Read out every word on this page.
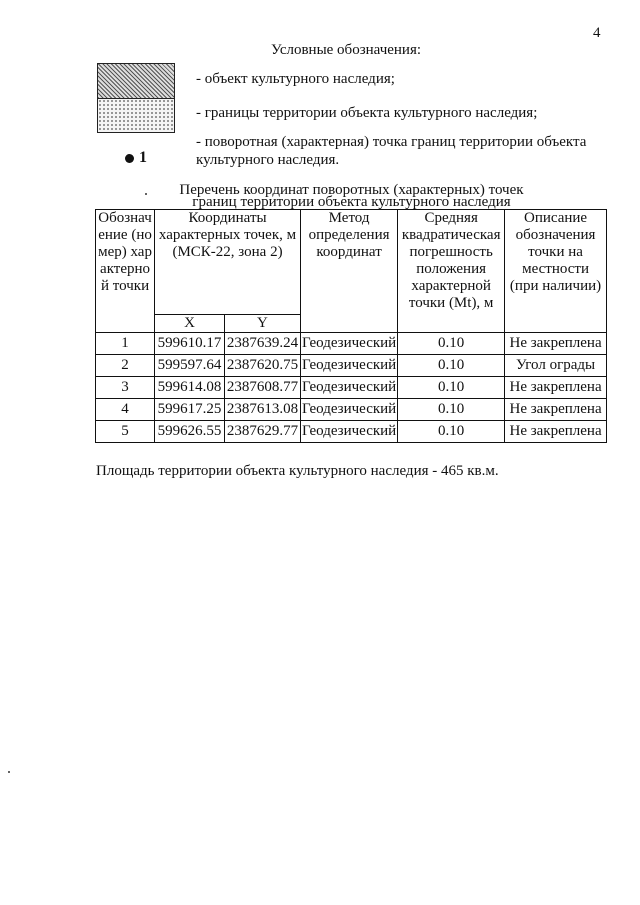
4
Условные обозначения:
- объект культурного наследия;
- границы территории объекта культурного наследия;
1
- поворотная (характерная) точка границ территории объекта культурного наследия.
Перечень координат поворотных (характерных) точек
границ территории объекта культурного наследия
Обозначение (номер) характерной точки	Координаты характерных точек, м (МСК-22, зона 2)		Метод определения координат	Средняя квадратическая погрешность положения характерной точки (Mt), м	Описание обозначения точки на местности (при наличии)
	X	Y			
1	599610.17	2387639.24	Геодезический	0.10	Не закреплена
2	599597.64	2387620.75	Геодезический	0.10	Угол ограды
3	599614.08	2387608.77	Геодезический	0.10	Не закреплена
4	599617.25	2387613.08	Геодезический	0.10	Не закреплена
5	599626.55	2387629.77	Геодезический	0.10	Не закреплена
Площадь территории объекта культурного наследия - 465 кв.м.
